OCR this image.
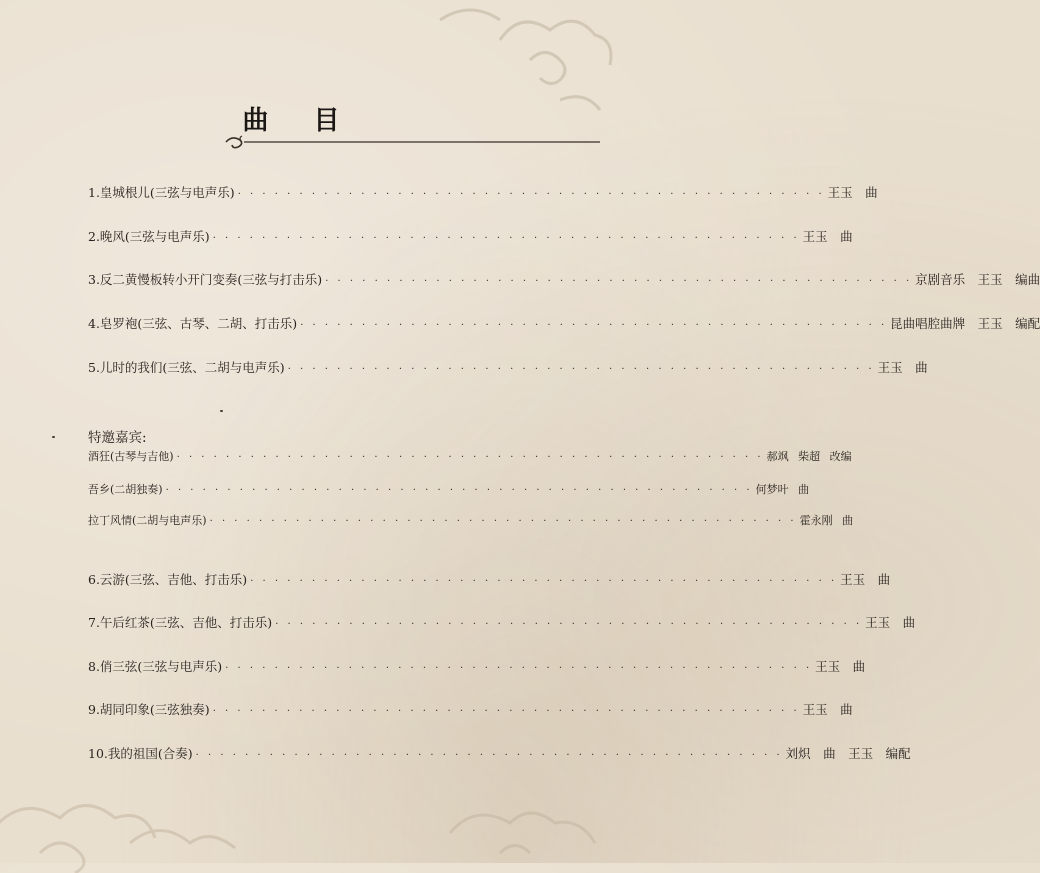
曲 目
1.皇城根儿(三弦与电声乐) · · · · · · · · · · · · · · · · · · · · · · · · · · · · · · · · · · · · · · · · · · · · · · · · 王玉　曲
2.晚风(三弦与电声乐) · · · · · · · · · · · · · · · · · · · · · · · · · · · · · · · · · · · · · · · · · · · · · · · · 王玉　曲
3.反二黄慢板转小开门变奏(三弦与打击乐) · · · · · · · · · · · · · · · · · · · · · · · · · · · · · · · · · · · · · · · · · · · · · · · · 京剧音乐　王玉　编曲
4.皂罗袍(三弦、古琴、二胡、打击乐) · · · · · · · · · · · · · · · · · · · · · · · · · · · · · · · · · · · · · · · · · · · · · · · · 昆曲唱腔曲牌　王玉　编配
5.儿时的我们(三弦、二胡与电声乐) · · · · · · · · · · · · · · · · · · · · · · · · · · · · · · · · · · · · · · · · · · · · · · · · 王玉　曲
特邀嘉宾:
酒狂(古琴与吉他) · · · · · · · · · · · · · · · · · · · · · · · · · · · · · · · · · · · · · · · · · · · · · · · · 郝飒 柴超 改编
吾乡(二胡独奏) · · · · · · · · · · · · · · · · · · · · · · · · · · · · · · · · · · · · · · · · · · · · · · · · 何梦叶 曲
拉丁风情(二胡与电声乐) · · · · · · · · · · · · · · · · · · · · · · · · · · · · · · · · · · · · · · · · · · · · · · · · 霍永刚 曲
6.云游(三弦、吉他、打击乐) · · · · · · · · · · · · · · · · · · · · · · · · · · · · · · · · · · · · · · · · · · · · · · · · 王玉　曲
7.午后红茶(三弦、吉他、打击乐) · · · · · · · · · · · · · · · · · · · · · · · · · · · · · · · · · · · · · · · · · · · · · · · · 王玉　曲
8.俏三弦(三弦与电声乐) · · · · · · · · · · · · · · · · · · · · · · · · · · · · · · · · · · · · · · · · · · · · · · · · 王玉　曲
9.胡同印象(三弦独奏) · · · · · · · · · · · · · · · · · · · · · · · · · · · · · · · · · · · · · · · · · · · · · · · · 王玉　曲
10.我的祖国(合奏) · · · · · · · · · · · · · · · · · · · · · · · · · · · · · · · · · · · · · · · · · · · · · · · · 刘炽　曲　王玉　编配
